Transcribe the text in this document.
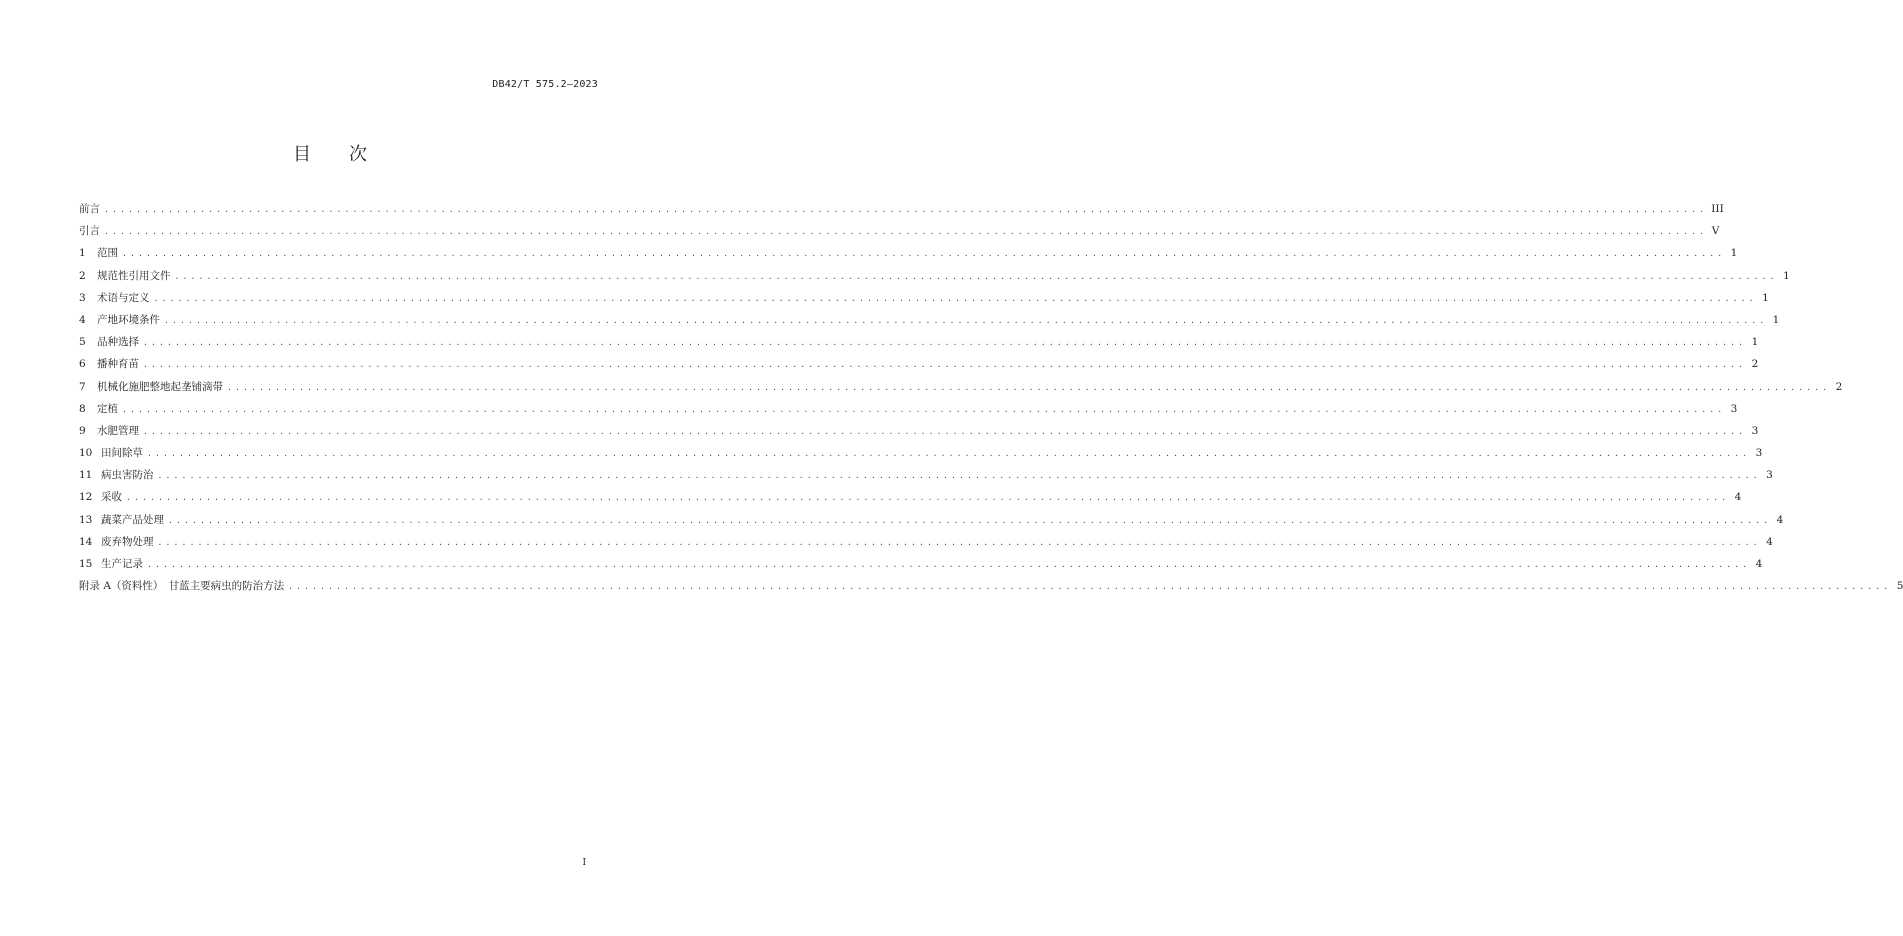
DB42/T 575.2—2023
目 次
前言 ........................................................................................................................................................................................................ III
引言 ........................................................................................................................................................................................................ V
1	范围 ........................................................................................................................................................................................................ 1
2	规范性引用文件 ........................................................................................................................................................................................................ 1
3	术语与定义 ........................................................................................................................................................................................................ 1
4	产地环境条件 ........................................................................................................................................................................................................ 1
5	品种选择 ........................................................................................................................................................................................................ 1
6	播种育苗 ........................................................................................................................................................................................................ 2
7	机械化施肥整地起垄铺滴带 ........................................................................................................................................................................................................ 2
8	定植 ........................................................................................................................................................................................................ 3
9	水肥管理 ........................................................................................................................................................................................................ 3
10 田间除草 ........................................................................................................................................................................................................ 3
11 病虫害防治 ........................................................................................................................................................................................................ 3
12 采收 ........................................................................................................................................................................................................ 4
13 蔬菜产品处理 ........................................................................................................................................................................................................ 4
14 废弃物处理 ........................................................................................................................................................................................................ 4
15 生产记录 ........................................................................................................................................................................................................ 4
附录 A（资料性）　甘蓝主要病虫的防治方法 ........................................................................................................................................................................................................ 5
I
